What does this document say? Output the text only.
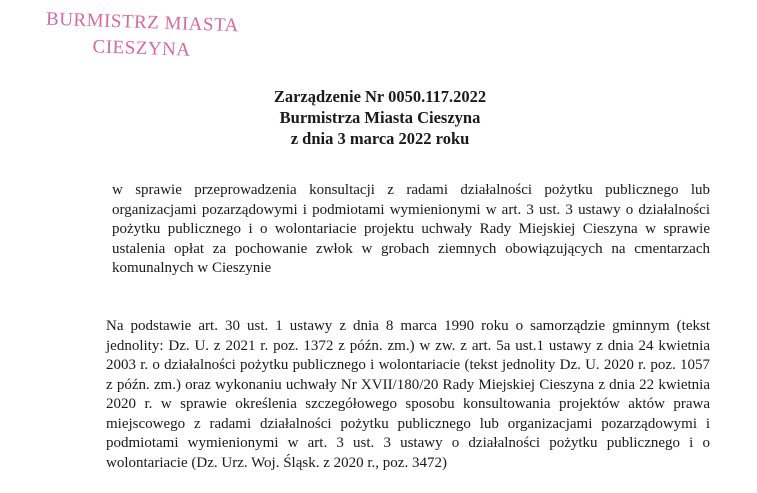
BURMISTRZ MIASTA
CIESZYNA
Zarządzenie Nr 0050.117.2022
Burmistrza Miasta Cieszyna
z dnia 3 marca 2022 roku
w sprawie przeprowadzenia konsultacji z radami działalności pożytku publicznego lub organizacjami pozarządowymi i podmiotami wymienionymi w art. 3 ust. 3 ustawy o działalności pożytku publicznego i o wolontariacie projektu uchwały Rady Miejskiej Cieszyna w sprawie ustalenia opłat za pochowanie zwłok w grobach ziemnych obowiązujących na cmentarzach komunalnych w Cieszynie
Na podstawie art. 30 ust. 1 ustawy z dnia 8 marca 1990 roku o samorządzie gminnym (tekst jednolity: Dz. U. z 2021 r. poz. 1372 z późn. zm.) w zw. z art. 5a ust.1 ustawy z dnia 24 kwietnia 2003 r. o działalności pożytku publicznego i wolontariacie (tekst jednolity Dz. U. 2020 r. poz. 1057 z późn. zm.) oraz wykonaniu uchwały Nr XVII/180/20 Rady Miejskiej Cieszyna z dnia 22 kwietnia 2020 r. w sprawie określenia szczegółowego sposobu konsultowania projektów aktów prawa miejscowego z radami działalności pożytku publicznego lub organizacjami pozarządowymi i podmiotami wymienionymi w art. 3 ust. 3 ustawy o działalności pożytku publicznego i o wolontariacie (Dz. Urz. Woj. Śląsk. z 2020 r., poz. 3472)
